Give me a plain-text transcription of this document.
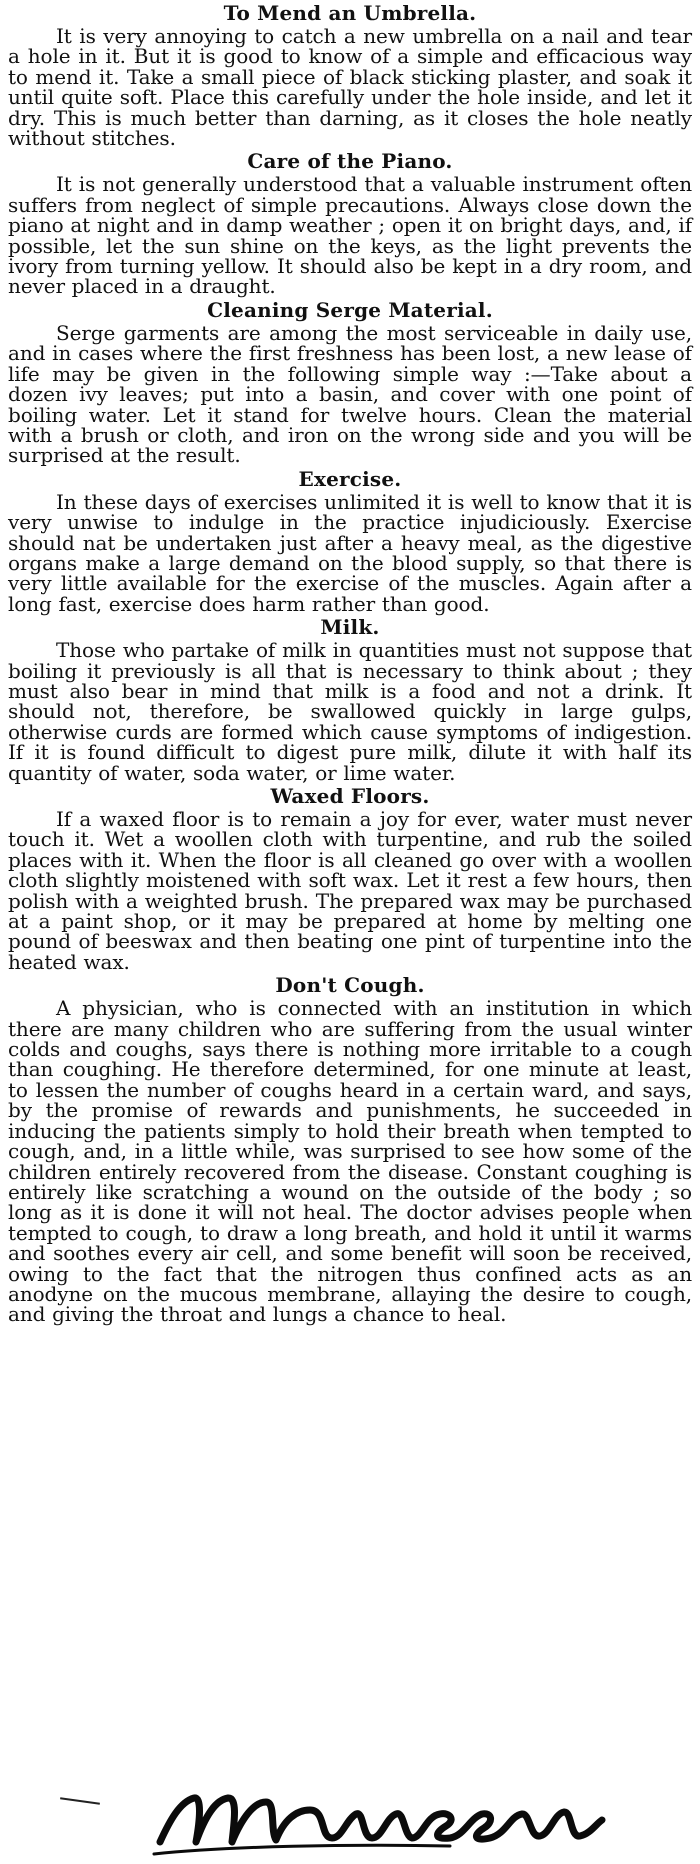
To Mend an Umbrella.

It is very annoying to catch a new umbrella on a nail and tear a hole in it. But it is good to know of a simple and efficacious way to mend it. Take a small piece of black sticking plaster, and soak it until quite soft. Place this carefully under the hole inside, and let it dry. This is much better than darning, as it closes the hole neatly without stitches.

Care of the Piano.

It is not generally understood that a valuable instrument often suffers from neglect of simple precautions. Always close down the piano at night and in damp weather ; open it on bright days, and, if possible, let the sun shine on the keys, as the light prevents the ivory from turning yellow. It should also be kept in a dry room, and never placed in a draught.

Cleaning Serge Material.

Serge garments are among the most serviceable in daily use, and in cases where the first freshness has been lost, a new lease of life may be given in the following simple way :—Take about a dozen ivy leaves; put into a basin, and cover with one point of boiling water. Let it stand for twelve hours. Clean the material with a brush or cloth, and iron on the wrong side and you will be surprised at the result.

Exercise.

In these days of exercises unlimited it is well to know that it is very unwise to indulge in the practice injudiciously. Exercise should nat be undertaken just after a heavy meal, as the digestive organs make a large demand on the blood supply, so that there is very little available for the exercise of the muscles. Again after a long fast, exercise does harm rather than good.

Milk.

Those who partake of milk in quantities must not suppose that boiling it previously is all that is necessary to think about ; they must also bear in mind that milk is a food and not a drink. It should not, therefore, be swallowed quickly in large gulps, otherwise curds are formed which cause symptoms of indigestion. If it is found difficult to digest pure milk, dilute it with half its quantity of water, soda water, or lime water.

Waxed Floors.

If a waxed floor is to remain a joy for ever, water must never touch it. Wet a woollen cloth with turpentine, and rub the soiled places with it. When the floor is all cleaned go over with a woollen cloth slightly moistened with soft wax. Let it rest a few hours, then polish with a weighted brush. The prepared wax may be purchased at a paint shop, or it may be prepared at home by melting one pound of beeswax and then beating one pint of turpentine into the heated wax.

Don't Cough.

A physician, who is connected with an institution in which there are many children who are suffering from the usual winter colds and coughs, says there is nothing more irritable to a cough than coughing. He therefore determined, for one minute at least, to lessen the number of coughs heard in a certain ward, and says, by the promise of rewards and punishments, he succeeded in inducing the patients simply to hold their breath when tempted to cough, and, in a little while, was surprised to see how some of the children entirely recovered from the disease. Constant coughing is entirely like scratching a wound on the outside of the body ; so long as it is done it will not heal. The doctor advises people when tempted to cough, to draw a long breath, and hold it until it warms and soothes every air cell, and some benefit will soon be received, owing to the fact that the nitrogen thus confined acts as an anodyne on the mucous membrane, allaying the desire to cough, and giving the throat and lungs a chance to heal.
